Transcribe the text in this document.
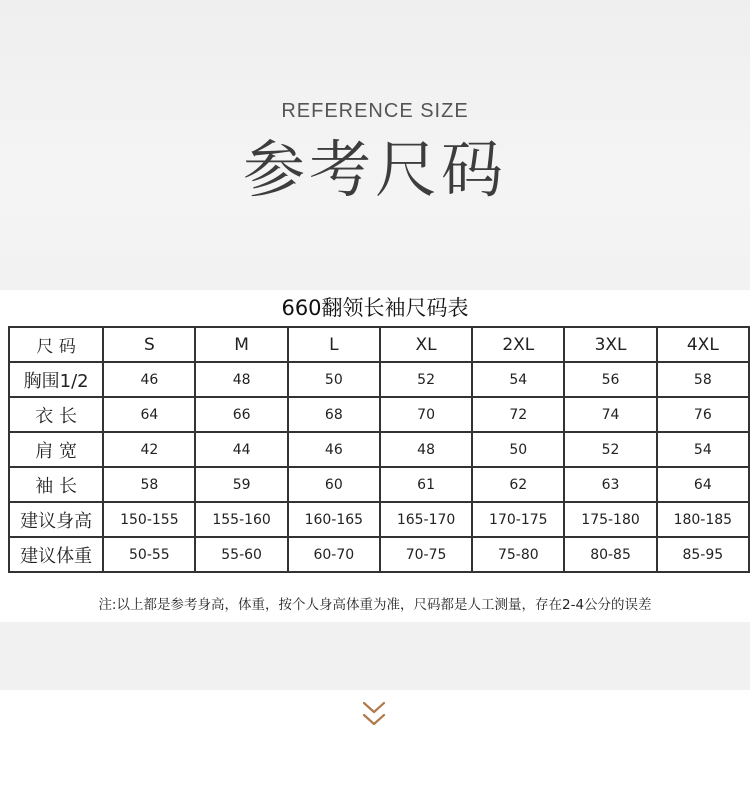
REFERENCE SIZE
参考尺码
660翻领长袖尺码表
尺 码	S	M	L	XL	2XL	3XL	4XL
胸围1/2	46	48	50	52	54	56	58
衣 长	64	66	68	70	72	74	76
肩 宽	42	44	46	48	50	52	54
袖 长	58	59	60	61	62	63	64
建议身高	150-155	155-160	160-165	165-170	170-175	175-180	180-185
建议体重	50-55	55-60	60-70	70-75	75-80	80-85	85-95
注:以上都是参考身高，体重，按个人身高体重为准，尺码都是人工测量，存在2-4公分的误差
